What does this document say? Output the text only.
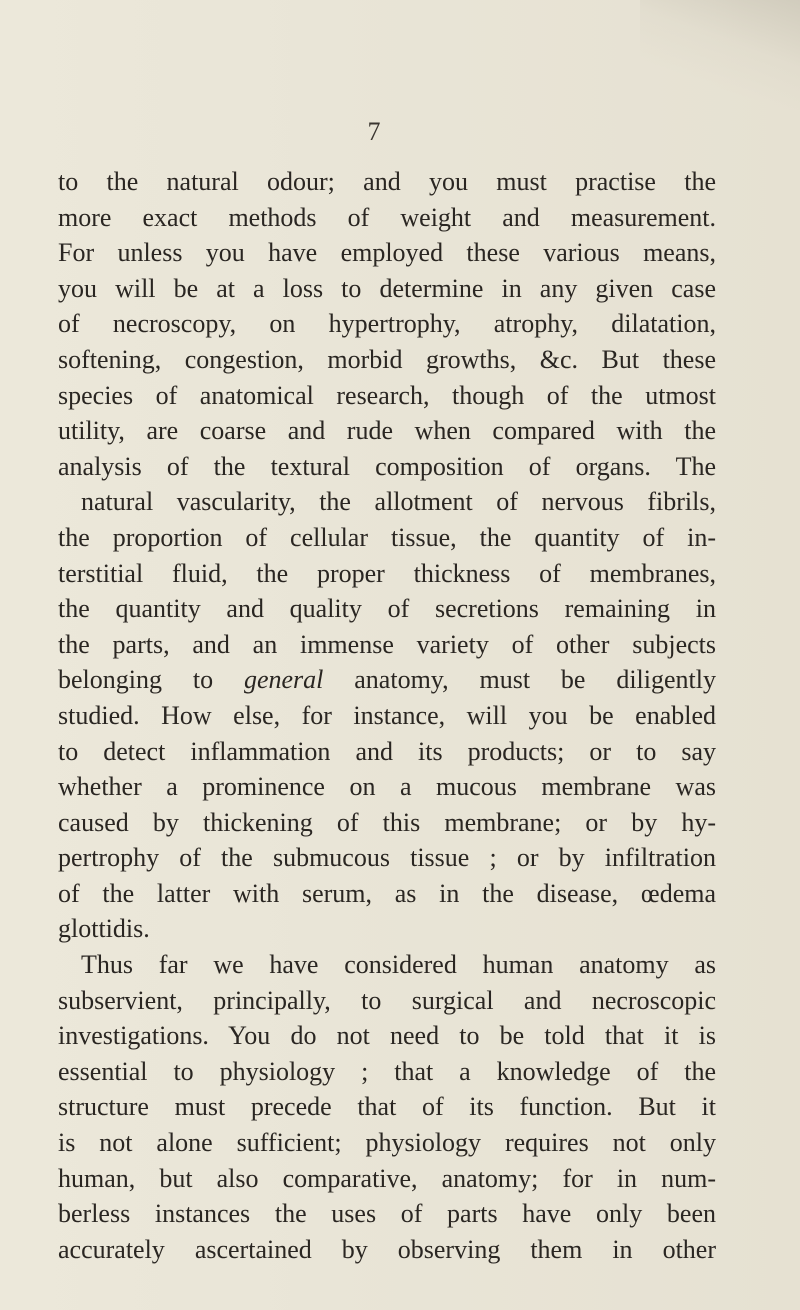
7
to the natural odour; and you must practise the
more exact methods of weight and measurement.
For unless you have employed these various means,
you will be at a loss to determine in any given case
of necroscopy, on hypertrophy, atrophy, dilatation,
softening, congestion, morbid growths, &c. But these
species of anatomical research, though of the utmost
utility, are coarse and rude when compared with the
analysis of the textural composition of organs. The
natural vascularity, the allotment of nervous fibrils,
the proportion of cellular tissue, the quantity of in-
terstitial fluid, the proper thickness of membranes,
the quantity and quality of secretions remaining in
the parts, and an immense variety of other subjects
belonging to general anatomy, must be diligently
studied. How else, for instance, will you be enabled
to detect inflammation and its products; or to say
whether a prominence on a mucous membrane was
caused by thickening of this membrane; or by hy-
pertrophy of the submucous tissue ; or by infiltration
of the latter with serum, as in the disease, œdema
glottidis.
Thus far we have considered human anatomy as
subservient, principally, to surgical and necroscopic
investigations. You do not need to be told that it is
essential to physiology ; that a knowledge of the
structure must precede that of its function. But it
is not alone sufficient; physiology requires not only
human, but also comparative, anatomy; for in num-
berless instances the uses of parts have only been
accurately ascertained by observing them in other
